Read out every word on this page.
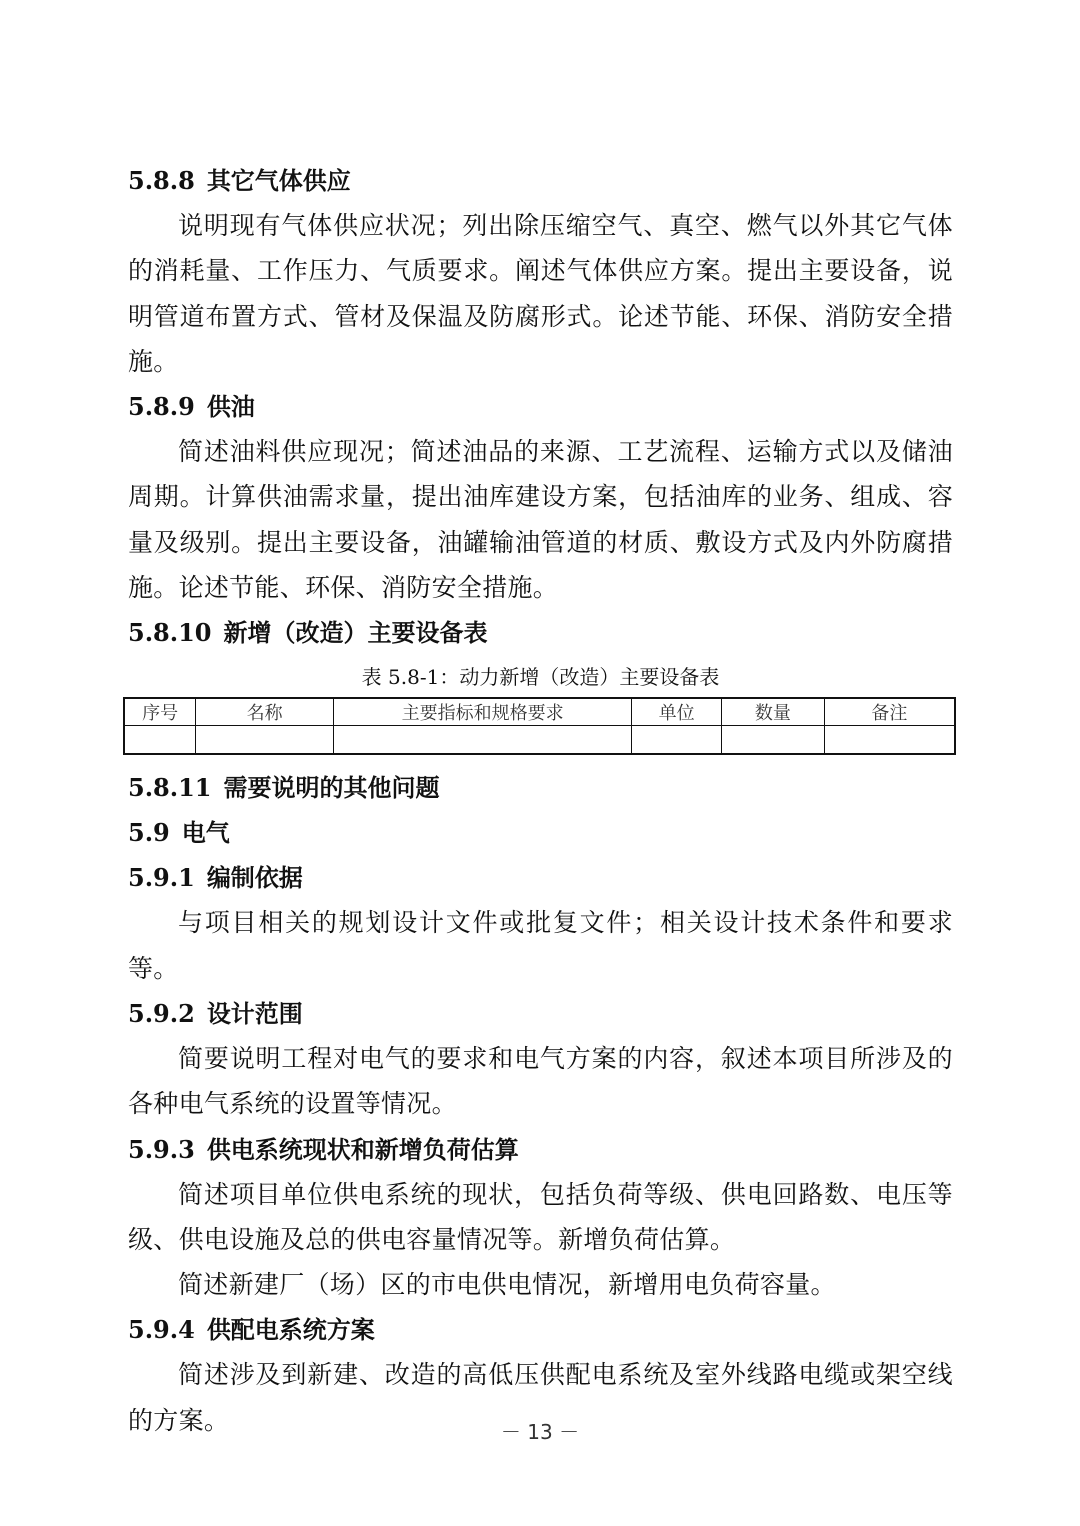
5.8.8 其它气体供应

说明现有气体供应状况；列出除压缩空气、真空、燃气以外其它气体的消耗量、工作压力、气质要求。阐述气体供应方案。提出主要设备，说明管道布置方式、管材及保温及防腐形式。论述节能、环保、消防安全措施。

5.8.9 供油

简述油料供应现况；简述油品的来源、工艺流程、运输方式以及储油周期。计算供油需求量，提出油库建设方案，包括油库的业务、组成、容量及级别。提出主要设备，油罐输油管道的材质、敷设方式及内外防腐措施。论述节能、环保、消防安全措施。

5.8.10 新增（改造）主要设备表
表 5.8-1：动力新增（改造）主要设备表
序号	名称	主要指标和规格要求	单位	数量	备注

5.8.11 需要说明的其他问题
5.9 电气
5.9.1 编制依据

与项目相关的规划设计文件或批复文件；相关设计技术条件和要求等。

5.9.2 设计范围

简要说明工程对电气的要求和电气方案的内容，叙述本项目所涉及的各种电气系统的设置等情况。

5.9.3 供电系统现状和新增负荷估算

简述项目单位供电系统的现状，包括负荷等级、供电回路数、电压等级、供电设施及总的供电容量情况等。新增负荷估算。

简述新建厂（场）区的市电供电情况，新增用电负荷容量。

5.9.4 供配电系统方案

简述涉及到新建、改造的高低压供配电系统及室外线路电缆或架空线的方案。	－ 13 －
